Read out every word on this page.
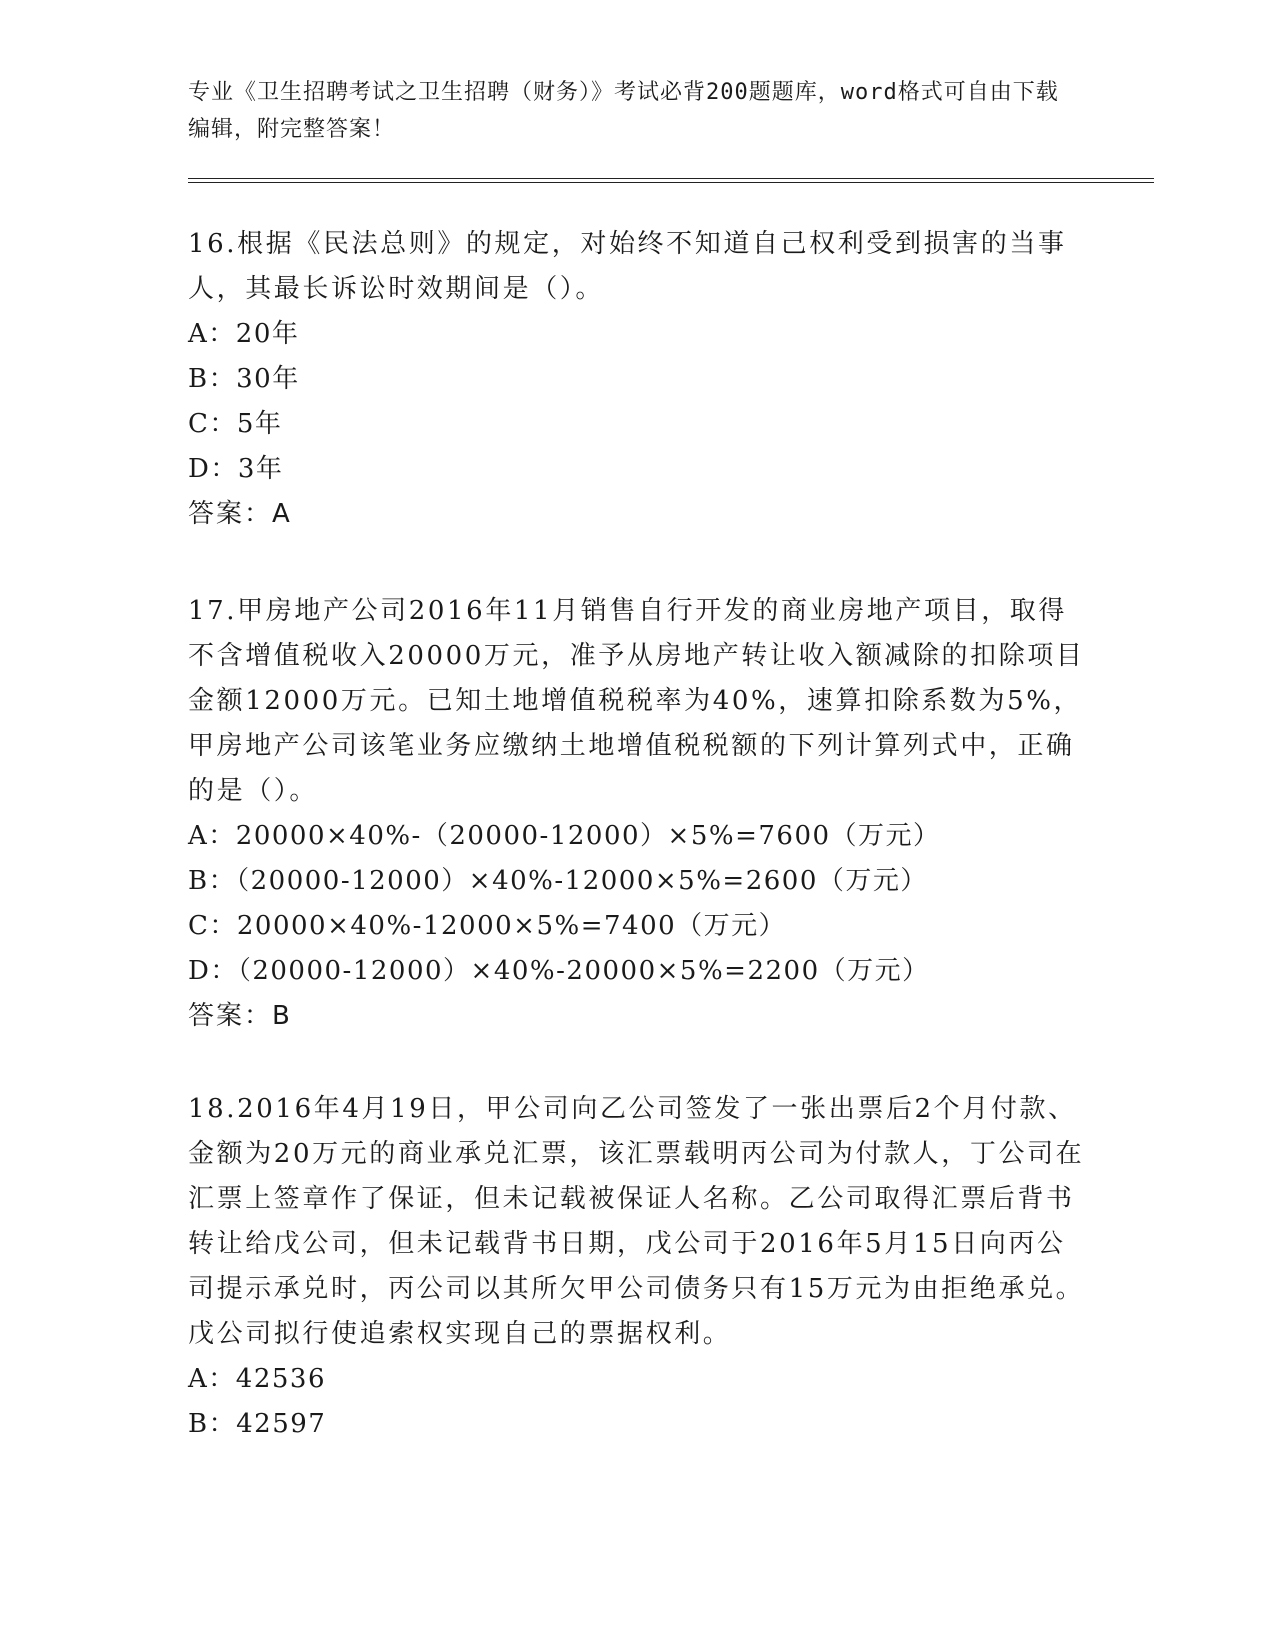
专业《卫生招聘考试之卫生招聘（财务）》考试必背200题题库，word格式可自由下载编辑，附完整答案！

16.根据《民法总则》的规定，对始终不知道自己权利受到损害的当事人，其最长诉讼时效期间是（）。

A：20年

B：30年

C：5年

D：3年

答案：A

17.甲房地产公司2016年11月销售自行开发的商业房地产项目，取得不含增值税收入20000万元，准予从房地产转让收入额减除的扣除项目金额12000万元。已知土地增值税税率为40%，速算扣除系数为5%，甲房地产公司该笔业务应缴纳土地增值税税额的下列计算列式中，正确的是（）。

A：20000×40%-（20000-12000）×5%=7600（万元）

B：（20000-12000）×40%-12000×5%=2600（万元）

C：20000×40%-12000×5%=7400（万元）

D：（20000-12000）×40%-20000×5%=2200（万元）

答案：B

18.2016年4月19日，甲公司向乙公司签发了一张出票后2个月付款、金额为20万元的商业承兑汇票，该汇票载明丙公司为付款人，丁公司在汇票上签章作了保证，但未记载被保证人名称。乙公司取得汇票后背书转让给戊公司，但未记载背书日期，戊公司于2016年5月15日向丙公司提示承兑时，丙公司以其所欠甲公司债务只有15万元为由拒绝承兑。戊公司拟行使追索权实现自己的票据权利。

A：42536

B：42597
